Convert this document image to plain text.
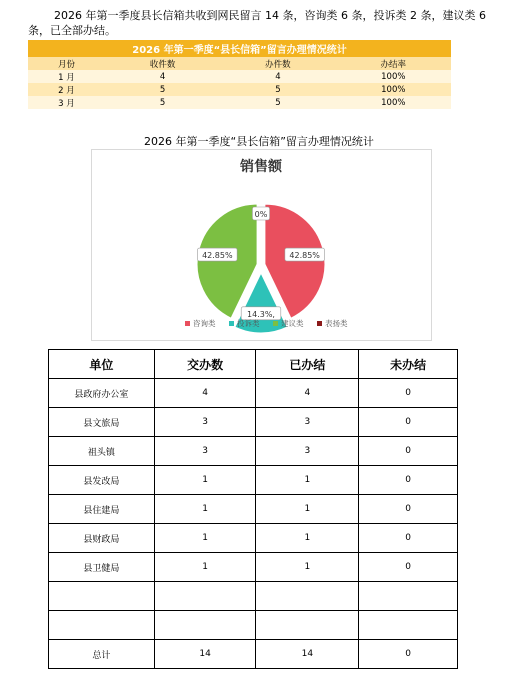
2026 年第一季度县长信箱共收到网民留言 14 条，咨询类 6 条，投诉类 2 条，建议类 6 条，已全部办结。
2026 年第一季度“县长信箱”留言办理情况统计			
月份	收件数	办件数	办结率
1 月	4	4	100%
2 月	5	5	100%
3 月	5	5	100%
2026 年第一季度“县长信箱”留言办理情况统计
销售额
42.85%
14.3%,
42.85%
0%
咨询类	投诉类	建议类	表扬类
单位	交办数	已办结	未办结
县政府办公室	4	4	0
县文旅局	3	3	0
祖头镇	3	3	0
县发改局	1	1	0
县住建局	1	1	0
县财政局	1	1	0
县卫健局	1	1	0

总计	14	14	0
